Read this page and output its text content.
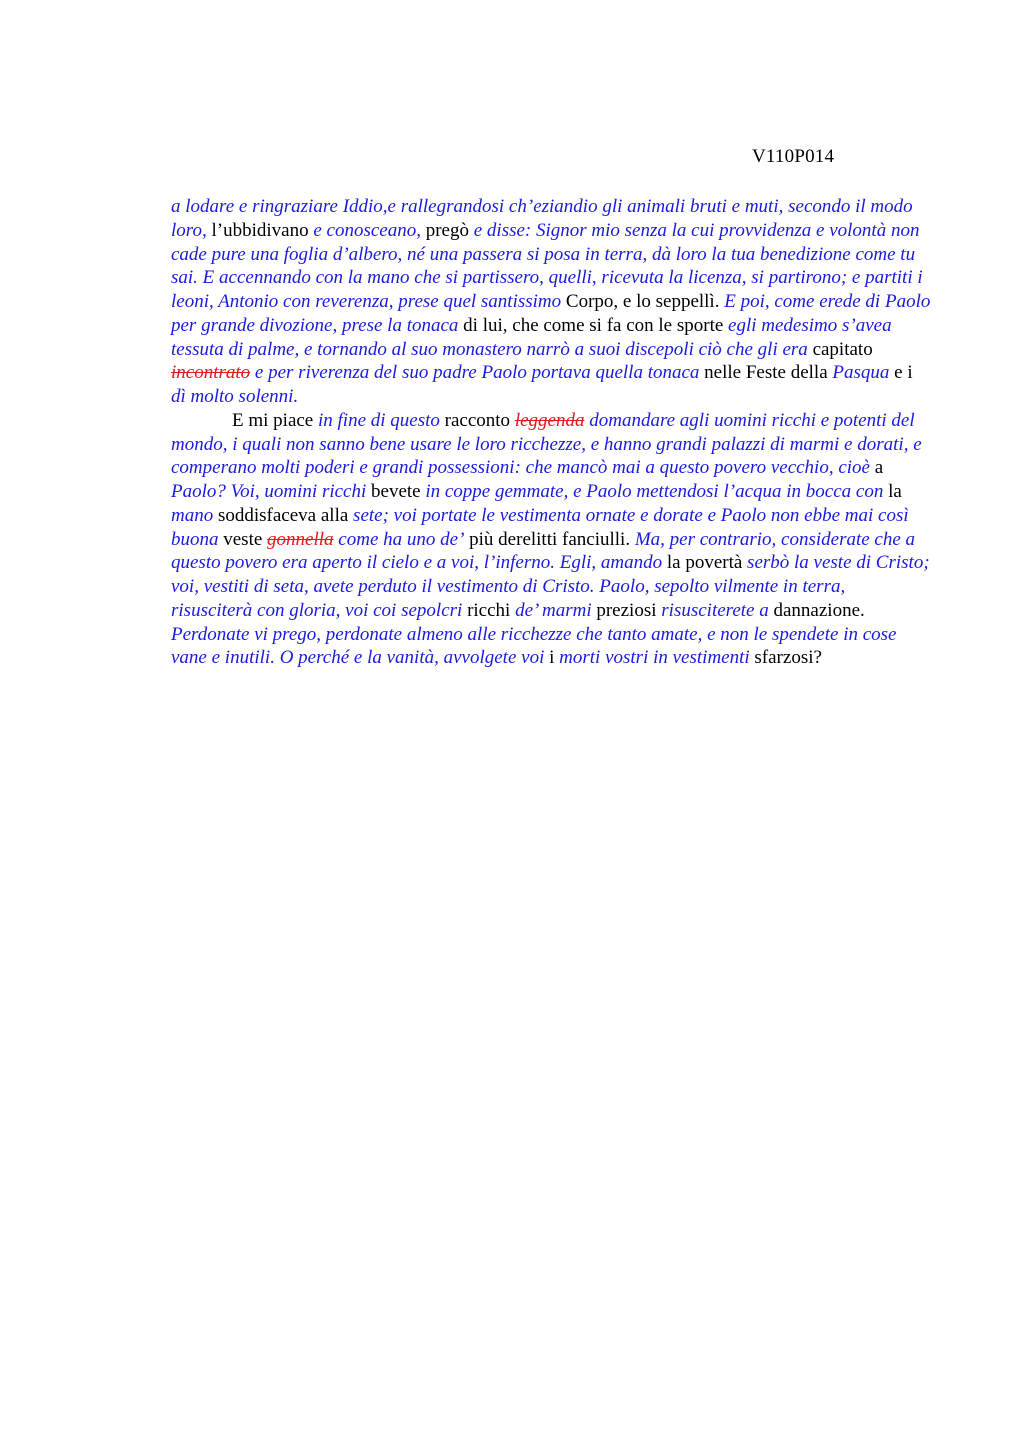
V110P014

a lodare e ringraziare Iddio,e rallegrandosi ch’eziandio gli animali bruti e muti, secondo il modo loro, l’ubbidivano e conosceano, pregò e disse: Signor mio senza la cui provvidenza e volontà non cade pure una foglia d’albero, né una passera si posa in terra, dà loro la tua benedizione come tu sai. E accennando con la mano che si partissero, quelli, ricevuta la licenza, si partirono; e partiti i leoni, Antonio con reverenza, prese quel santissimo Corpo, e lo seppellì. E poi, come erede di Paolo per grande divozione, prese la tonaca di lui, che come si fa con le sporte egli medesimo s’avea tessuta di palme, e tornando al suo monastero narrò a suoi discepoli ciò che gli era capitato incontrato e per riverenza del suo padre Paolo portava quella tonaca nelle Feste della Pasqua e i dì molto solenni.

E mi piace in fine di questo racconto leggenda domandare agli uomini ricchi e potenti del mondo, i quali non sanno bene usare le loro ricchezze, e hanno grandi palazzi di marmi e dorati, e comperano molti poderi e grandi possessioni: che mancò mai a questo povero vecchio, cioè a Paolo? Voi, uomini ricchi bevete in coppe gemmate, e Paolo mettendosi l’acqua in bocca con la mano soddisfaceva alla sete; voi portate le vestimenta ornate e dorate e Paolo non ebbe mai così buona veste gonnella come ha uno de’ più derelitti fanciulli. Ma, per contrario, considerate che a questo povero era aperto il cielo e a voi, l’inferno. Egli, amando la povertà serbò la veste di Cristo; voi, vestiti di seta, avete perduto il vestimento di Cristo. Paolo, sepolto vilmente in terra, risusciterà con gloria, voi coi sepolcri ricchi de’ marmi preziosi risusciterete a dannazione. Perdonate vi prego, perdonate almeno alle ricchezze che tanto amate, e non le spendete in cose vane e inutili. O perché e la vanità, avvolgete voi i morti vostri in vestimenti sfarzosi?
